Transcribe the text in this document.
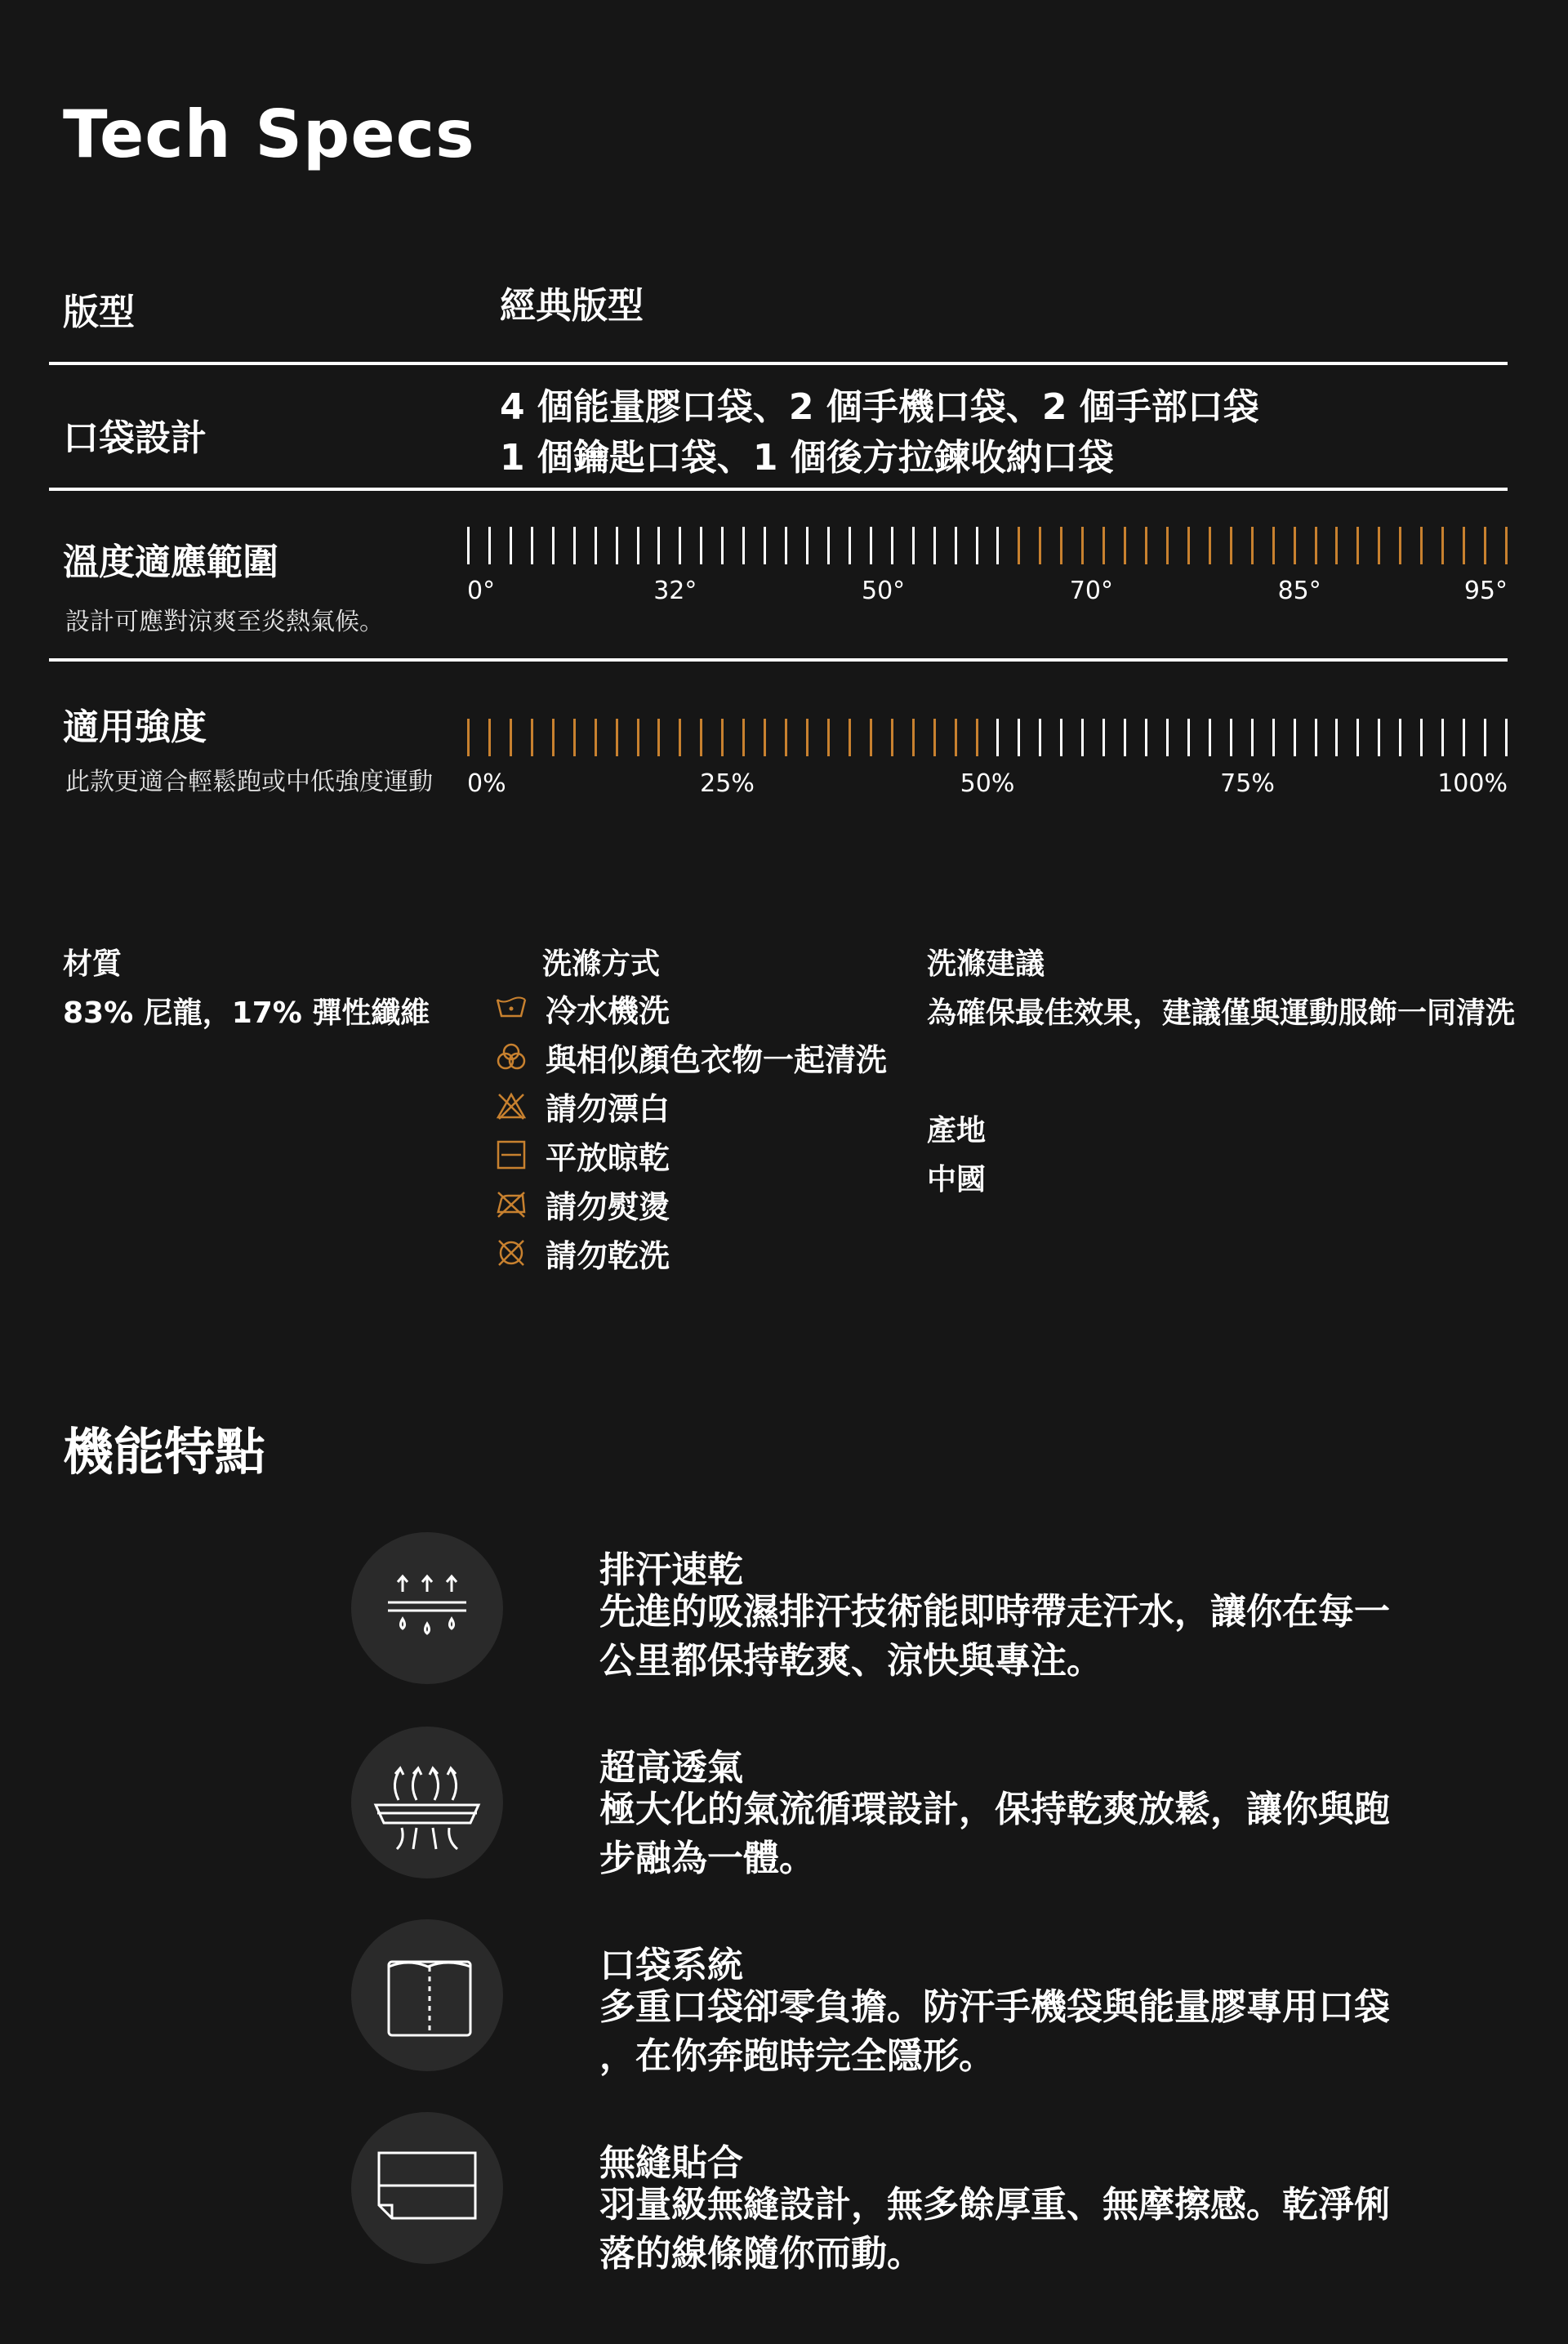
Tech Specs
版型	經典版型
口袋設計
4 個能量膠口袋、2 個手機口袋、2 個手部口袋
1 個鑰匙口袋、1 個後方拉鍊收納口袋
溫度適應範圍
設計可應對涼爽至炎熱氣候。
0°	32°	50°	70°	85°	95°
適用強度
此款更適合輕鬆跑或中低強度運動 0%	25%	50%	75%	100%
材質
83% 尼龍，17% 彈性纖維
洗滌方式
冷水機洗
與相似顏色衣物一起清洗
請勿漂白
平放晾乾
請勿熨燙
請勿乾洗
洗滌建議
為確保最佳效果，建議僅與運動服飾一同清洗
產地
中國
機能特點
排汗速乾
先進的吸濕排汗技術能即時帶走汗水，讓你在每一
公里都保持乾爽、涼快與專注。
超高透氣
極大化的氣流循環設計，保持乾爽放鬆，讓你與跑
步融為一體。
口袋系統
多重口袋卻零負擔。防汗手機袋與能量膠專用口袋
，在你奔跑時完全隱形。
無縫貼合
羽量級無縫設計，無多餘厚重、無摩擦感。乾淨俐
落的線條隨你而動。
